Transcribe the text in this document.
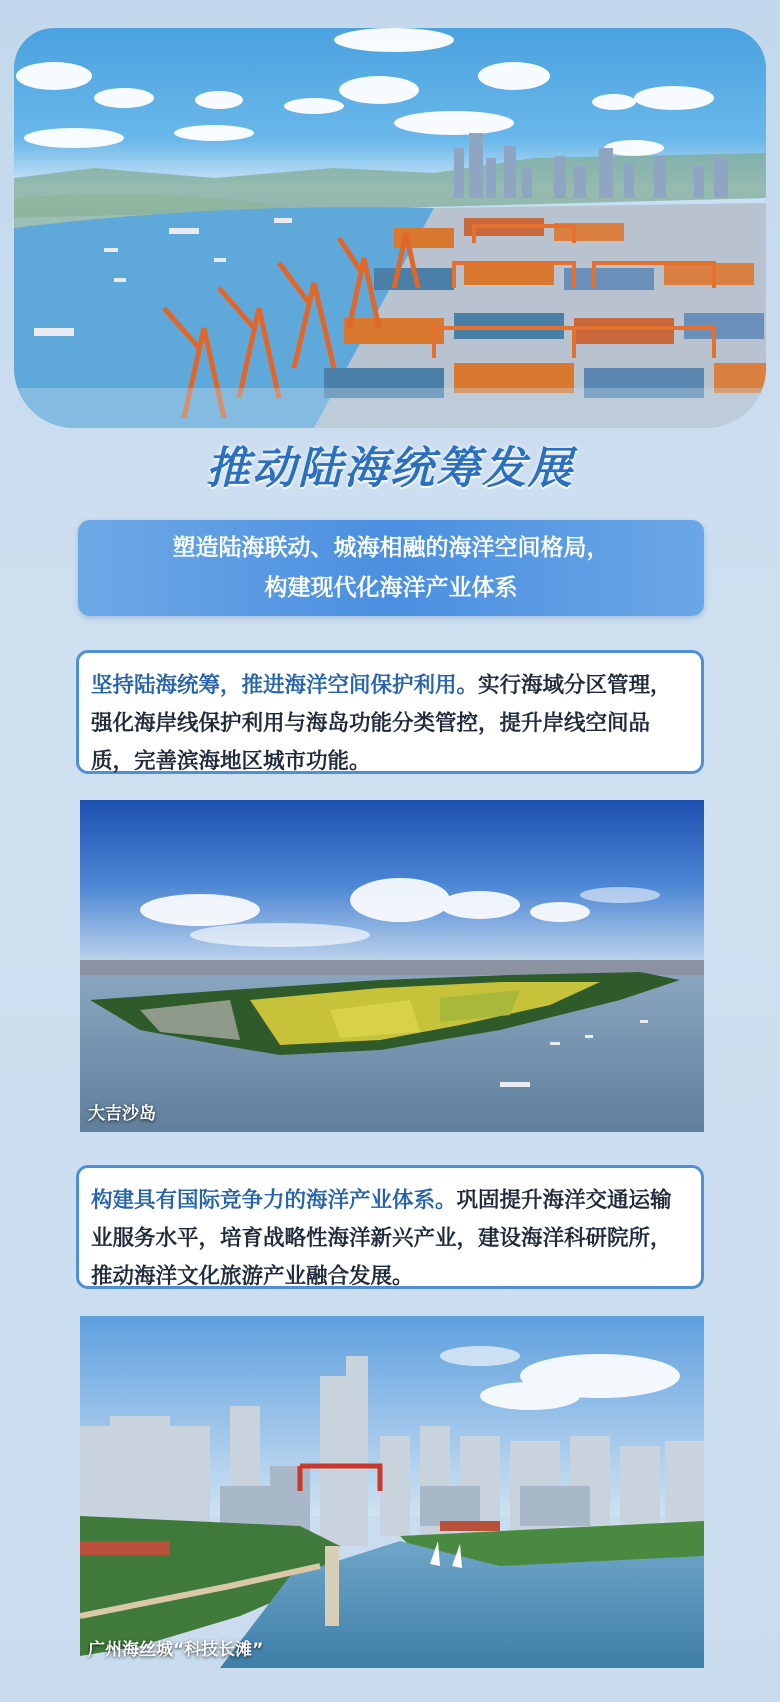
推动陆海统筹发展
塑造陆海联动、城海相融的海洋空间格局，
构建现代化海洋产业体系
坚持陆海统筹，推进海洋空间保护利用。实行海域分区管理，强化海岸线保护利用与海岛功能分类管控，提升岸线空间品质，完善滨海地区城市功能。
大吉沙岛
构建具有国际竞争力的海洋产业体系。巩固提升海洋交通运输业服务水平，培育战略性海洋新兴产业，建设海洋科研院所，推动海洋文化旅游产业融合发展。
广州海丝城“科技长滩”
